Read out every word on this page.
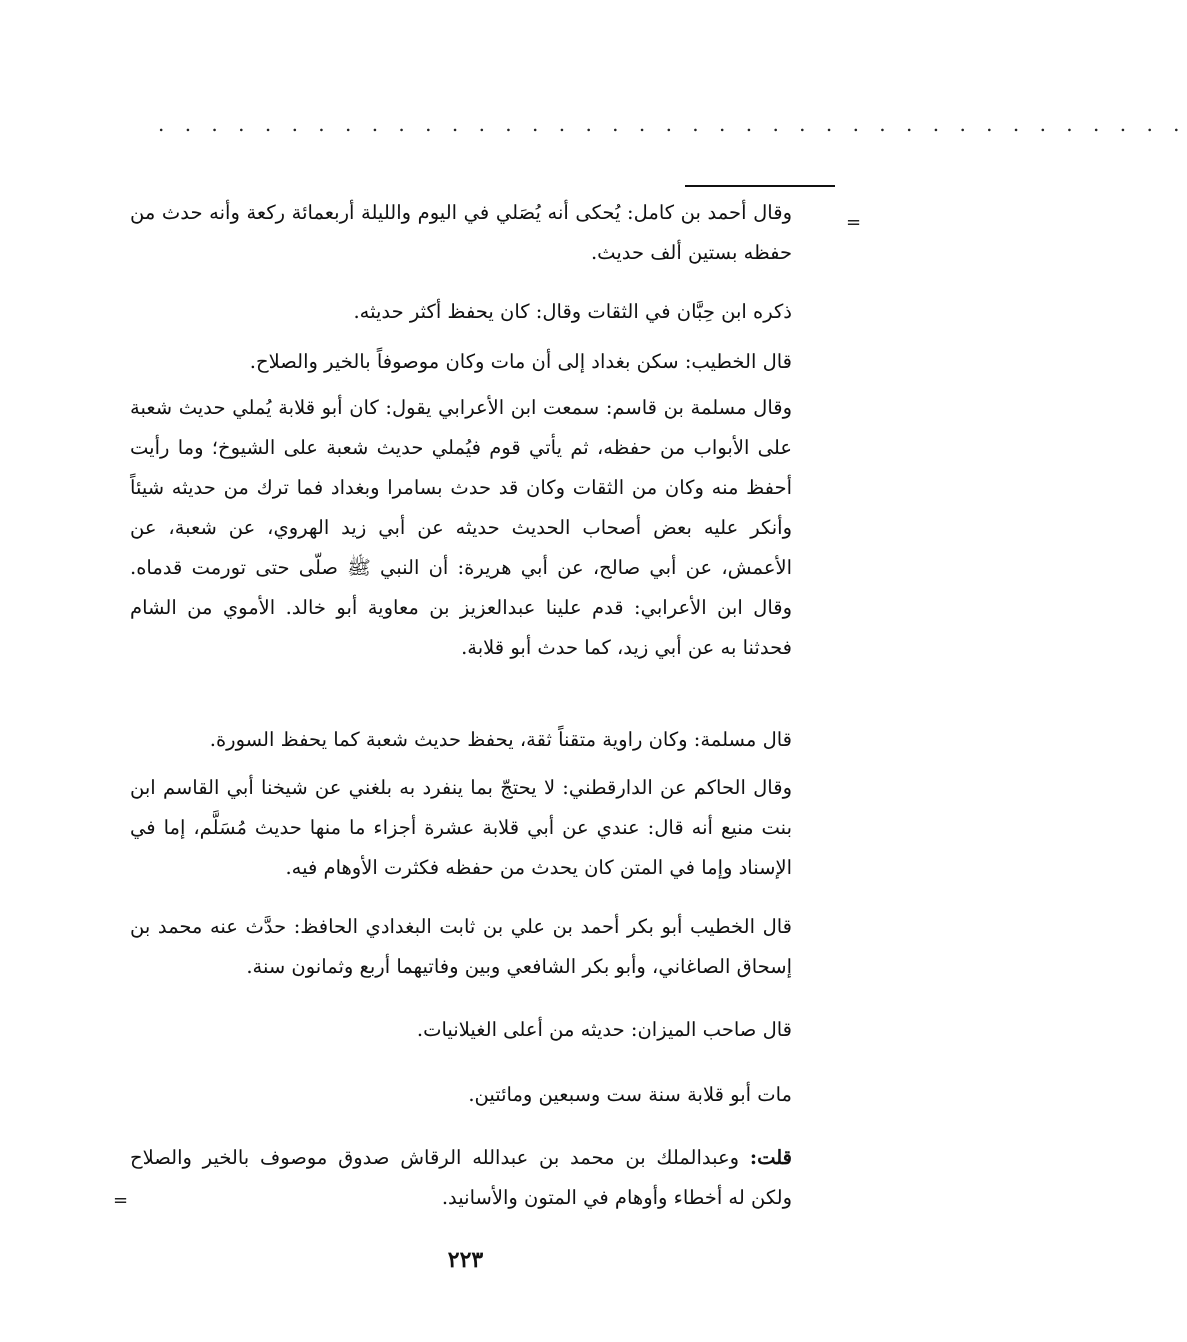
. . . . . . . . . . . . . . . . . . . . . . . . . . . . . . . . . . . . . . .
=

وقال أحمد بن كامل: يُحكى أنه يُصَلي في اليوم والليلة أربعمائة ركعة وأنه حدث من حفظه بستين ألف حديث.

ذكره ابن حِبَّان في الثقات وقال: كان يحفظ أكثر حديثه.

قال الخطيب: سكن بغداد إلى أن مات وكان موصوفاً بالخير والصلاح.

وقال مسلمة بن قاسم: سمعت ابن الأعرابي يقول: كان أبو قلابة يُملي حديث شعبة على الأبواب من حفظه، ثم يأتي قوم فيُملي حديث شعبة على الشيوخ؛ وما رأيت أحفظ منه وكان من الثقات وكان قد حدث بسامرا وبغداد فما ترك من حديثه شيئاً وأنكر عليه بعض أصحاب الحديث حديثه عن أبي زيد الهروي، عن شعبة، عن الأعمش، عن أبي صالح، عن أبي هريرة: أن النبي ﷺ صلّى حتى تورمت قدماه. وقال ابن الأعرابي: قدم علينا عبدالعزيز بن معاوية أبو خالد. الأموي من الشام فحدثنا به عن أبي زيد، كما حدث أبو قلابة.

قال مسلمة: وكان راوية متقناً ثقة، يحفظ حديث شعبة كما يحفظ السورة.

وقال الحاكم عن الدارقطني: لا يحتجّ بما ينفرد به بلغني عن شيخنا أبي القاسم ابن بنت منيع أنه قال: عندي عن أبي قلابة عشرة أجزاء ما منها حديث مُسَلَّم، إما في الإسناد وإما في المتن كان يحدث من حفظه فكثرت الأوهام فيه.

قال الخطيب أبو بكر أحمد بن علي بن ثابت البغدادي الحافظ: حدَّث عنه محمد بن إسحاق الصاغاني، وأبو بكر الشافعي وبين وفاتيهما أربع وثمانون سنة.

قال صاحب الميزان: حديثه من أعلى الغيلانيات.

مات أبو قلابة سنة ست وسبعين ومائتين.

قلت: وعبدالملك بن محمد بن عبدالله الرقاش صدوق موصوف بالخير والصلاح ولكن له أخطاء وأوهام في المتون والأسانيد.

=
٢٢٣
